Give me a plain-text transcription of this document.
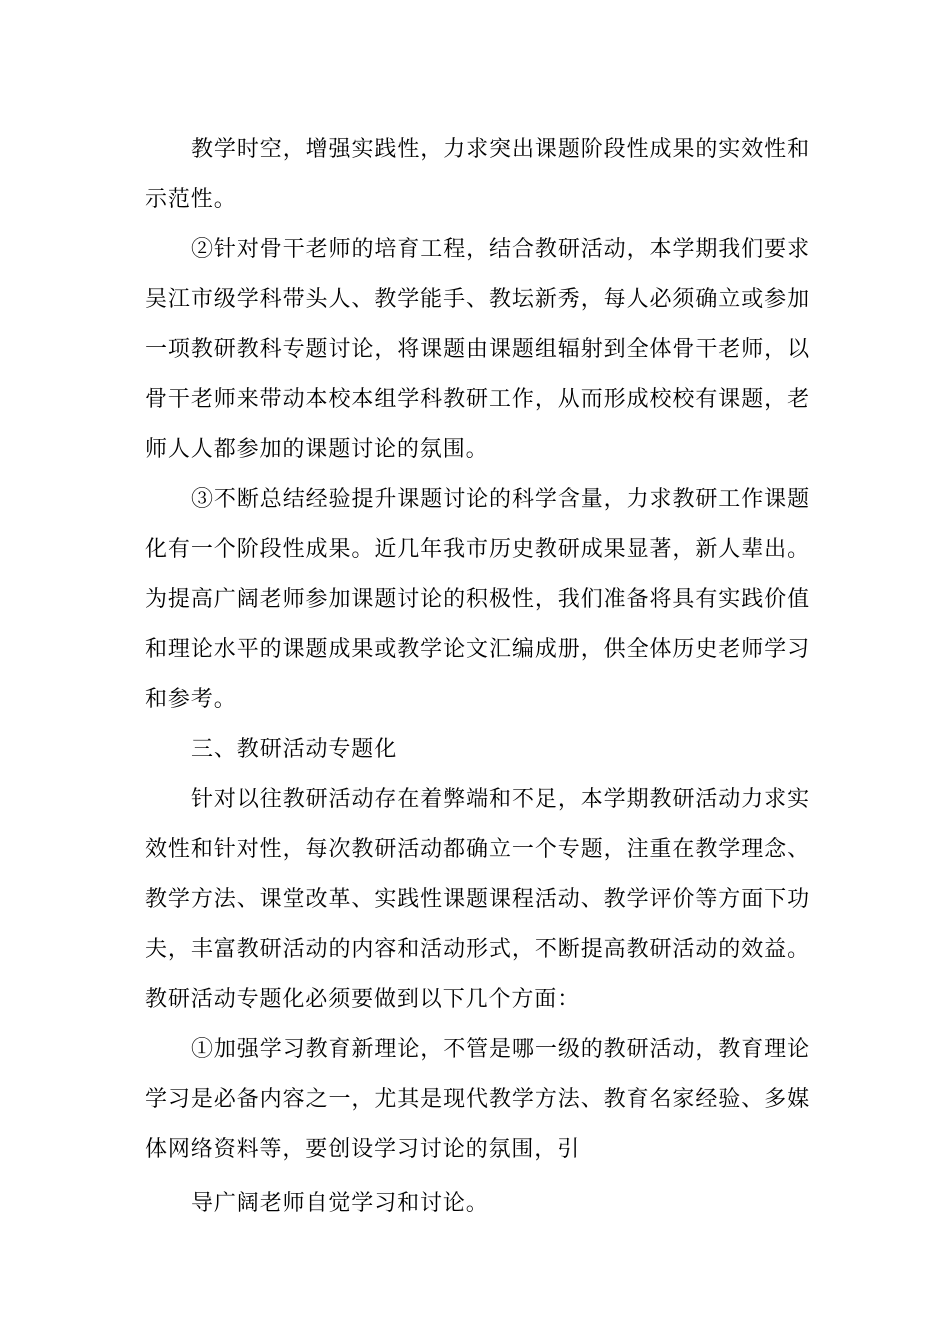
教学时空，增强实践性，力求突出课题阶段性成果的实效性和示范性。

②针对骨干老师的培育工程，结合教研活动，本学期我们要求吴江市级学科带头人、教学能手、教坛新秀，每人必须确立或参加一项教研教科专题讨论，将课题由课题组辐射到全体骨干老师，以骨干老师来带动本校本组学科教研工作，从而形成校校有课题，老师人人都参加的课题讨论的氛围。

③不断总结经验提升课题讨论的科学含量，力求教研工作课题化有一个阶段性成果。近几年我市历史教研成果显著，新人辈出。为提高广阔老师参加课题讨论的积极性，我们准备将具有实践价值和理论水平的课题成果或教学论文汇编成册，供全体历史老师学习和参考。

三、教研活动专题化

针对以往教研活动存在着弊端和不足，本学期教研活动力求实效性和针对性，每次教研活动都确立一个专题，注重在教学理念、教学方法、课堂改革、实践性课题课程活动、教学评价等方面下功夫，丰富教研活动的内容和活动形式，不断提高教研活动的效益。教研活动专题化必须要做到以下几个方面：

①加强学习教育新理论，不管是哪一级的教研活动，教育理论学习是必备内容之一，尤其是现代教学方法、教育名家经验、多媒体网络资料等，要创设学习讨论的氛围，引

导广阔老师自觉学习和讨论。
